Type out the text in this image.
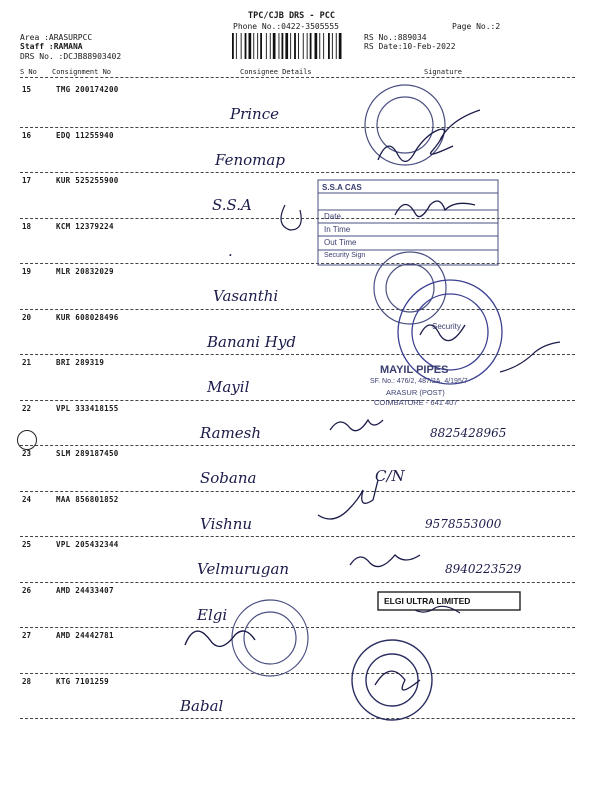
TPC/CJB DRS - PCC
Phone No.:0422-3505555	Page No.:2
Area :ARASURPCC
Staff :RAMANA
DRS No. :DCJB88903402
RS No.:889034
RS Date:10-Feb-2022
S No Consignment No	Consignee Details	Signature
15	TMG 200174200
Prince
16	EDQ 11255940
Fenomap
17	KUR 525255900
S.S.A
18	KCM 12379224
.
19	MLR 20832029
Vasanthi
20	KUR 608028496
Banani Hyd
21	BRI 289319
Mayil
22	VPL 333418155
Ramesh	8825428965
23	SLM 289187450
Sobana	C/N
24	MAA 856801852
Vishnu	9578553000
25	VPL 205432344
Velmurugan	8940223529
26	AMD 24433407
Elgi
27	AMD 24442781
28	KTG 7101259
Babal
S.S.A CAS
Date
In Time
Out Time
Security Sign
Security
MAYIL PIPES
SF. No.: 476/2, 487/2A, 4/195/7
ARASUR (POST)
COIMBATORE - 641 407
ELGI ULTRA LIMITED
